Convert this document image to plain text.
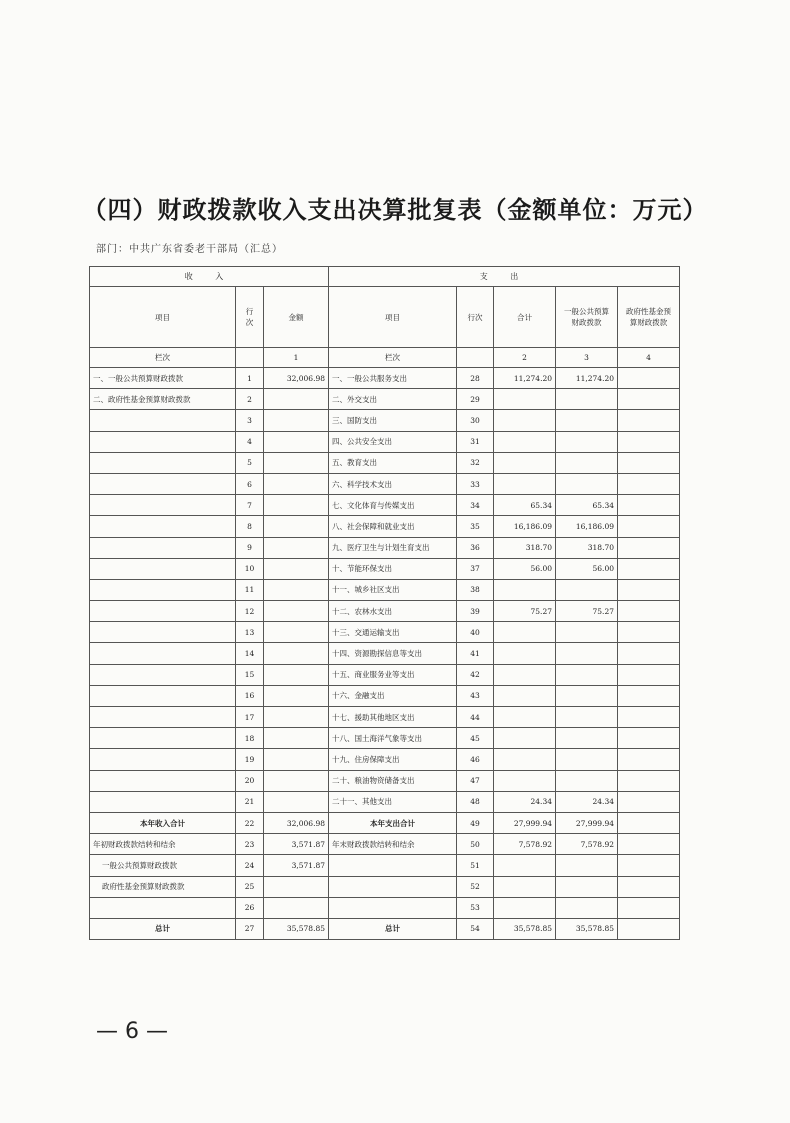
（四）财政拨款收入支出决算批复表（金额单位：万元）
部门：中共广东省委老干部局（汇总）
收 入			支 出				
项目	行次	金额	项目	行次	合计	一般公共预算财政拨款	政府性基金预算财政拨款
栏次		1	栏次		2	3	4
一、一般公共预算财政拨款	1	32,006.98	一、一般公共服务支出	28	11,274.20	11,274.20	
二、政府性基金预算财政拨款	2		二、外交支出	29			
	3		三、国防支出	30			
	4		四、公共安全支出	31			
	5		五、教育支出	32			
	6		六、科学技术支出	33			
	7		七、文化体育与传媒支出	34	65.34	65.34	
	8		八、社会保障和就业支出	35	16,186.09	16,186.09	
	9		九、医疗卫生与计划生育支出	36	318.70	318.70	
	10		十、节能环保支出	37	56.00	56.00	
	11		十一、城乡社区支出	38			
	12		十二、农林水支出	39	75.27	75.27	
	13		十三、交通运输支出	40			
	14		十四、资源勘探信息等支出	41			
	15		十五、商业服务业等支出	42			
	16		十六、金融支出	43			
	17		十七、援助其他地区支出	44			
	18		十八、国土海洋气象等支出	45			
	19		十九、住房保障支出	46			
	20		二十、粮油物资储备支出	47			
	21		二十一、其他支出	48	24.34	24.34	
本年收入合计	22	32,006.98	本年支出合计	49	27,999.94	27,999.94	
年初财政拨款结转和结余	23	3,571.87	年末财政拨款结转和结余	50	7,578.92	7,578.92	
一般公共预算财政拨款	24	3,571.87		51			
政府性基金预算财政拨款	25			52			
	26			53			
总计	27	35,578.85	总计	54	35,578.85	35,578.85	
— 6 —
